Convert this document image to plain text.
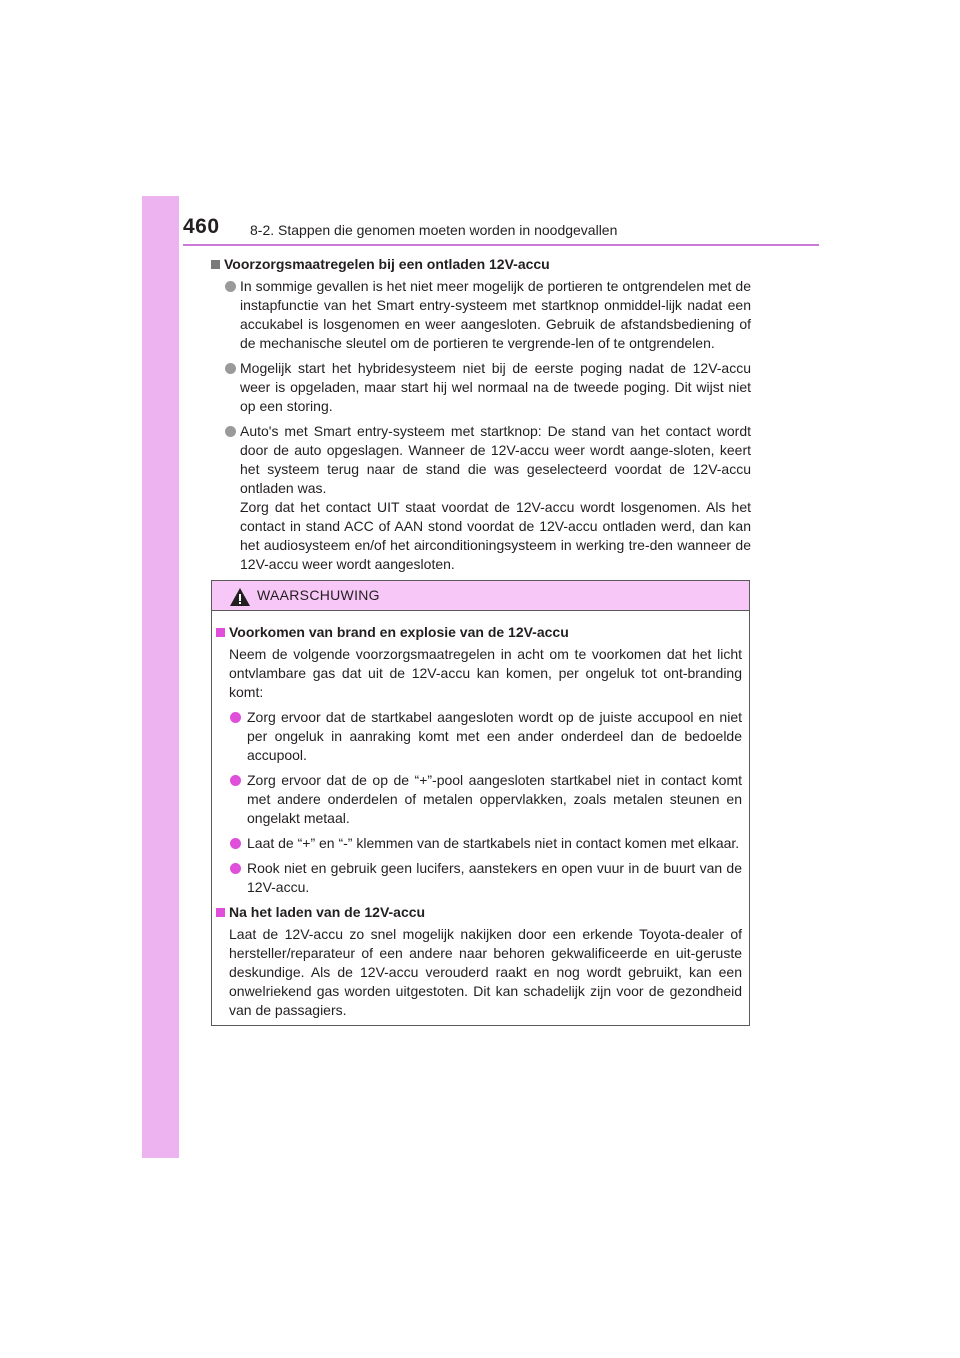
460 8-2. Stappen die genomen moeten worden in noodgevallen
Voorzorgsmaatregelen bij een ontladen 12V-accu
In sommige gevallen is het niet meer mogelijk de portieren te ontgrendelen met de instapfunctie van het Smart entry-systeem met startknop onmiddel-lijk nadat een accukabel is losgenomen en weer aangesloten. Gebruik de afstandsbediening of de mechanische sleutel om de portieren te vergrende-len of te ontgrendelen.
Mogelijk start het hybridesysteem niet bij de eerste poging nadat de 12V-accu weer is opgeladen, maar start hij wel normaal na de tweede poging. Dit wijst niet op een storing.
Auto's met Smart entry-systeem met startknop: De stand van het contact wordt door de auto opgeslagen. Wanneer de 12V-accu weer wordt aange-sloten, keert het systeem terug naar de stand die was geselecteerd voordat de 12V-accu ontladen was.
Zorg dat het contact UIT staat voordat de 12V-accu wordt losgenomen. Als het contact in stand ACC of AAN stond voordat de 12V-accu ontladen werd, dan kan het audiosysteem en/of het airconditioningsysteem in werking tre-den wanneer de 12V-accu weer wordt aangesloten.
WAARSCHUWING
Voorkomen van brand en explosie van de 12V-accu
Neem de volgende voorzorgsmaatregelen in acht om te voorkomen dat het licht ontvlambare gas dat uit de 12V-accu kan komen, per ongeluk tot ont-branding komt:
Zorg ervoor dat de startkabel aangesloten wordt op de juiste accupool en niet per ongeluk in aanraking komt met een ander onderdeel dan de bedoelde accupool.
Zorg ervoor dat de op de “+”-pool aangesloten startkabel niet in contact komt met andere onderdelen of metalen oppervlakken, zoals metalen steunen en ongelakt metaal.
Laat de “+” en “-” klemmen van de startkabels niet in contact komen met elkaar.
Rook niet en gebruik geen lucifers, aanstekers en open vuur in de buurt van de 12V-accu.
Na het laden van de 12V-accu
Laat de 12V-accu zo snel mogelijk nakijken door een erkende Toyota-dealer of hersteller/reparateur of een andere naar behoren gekwalificeerde en uit-geruste deskundige. Als de 12V-accu verouderd raakt en nog wordt gebruikt, kan een onwelriekend gas worden uitgestoten. Dit kan schadelijk zijn voor de gezondheid van de passagiers.
